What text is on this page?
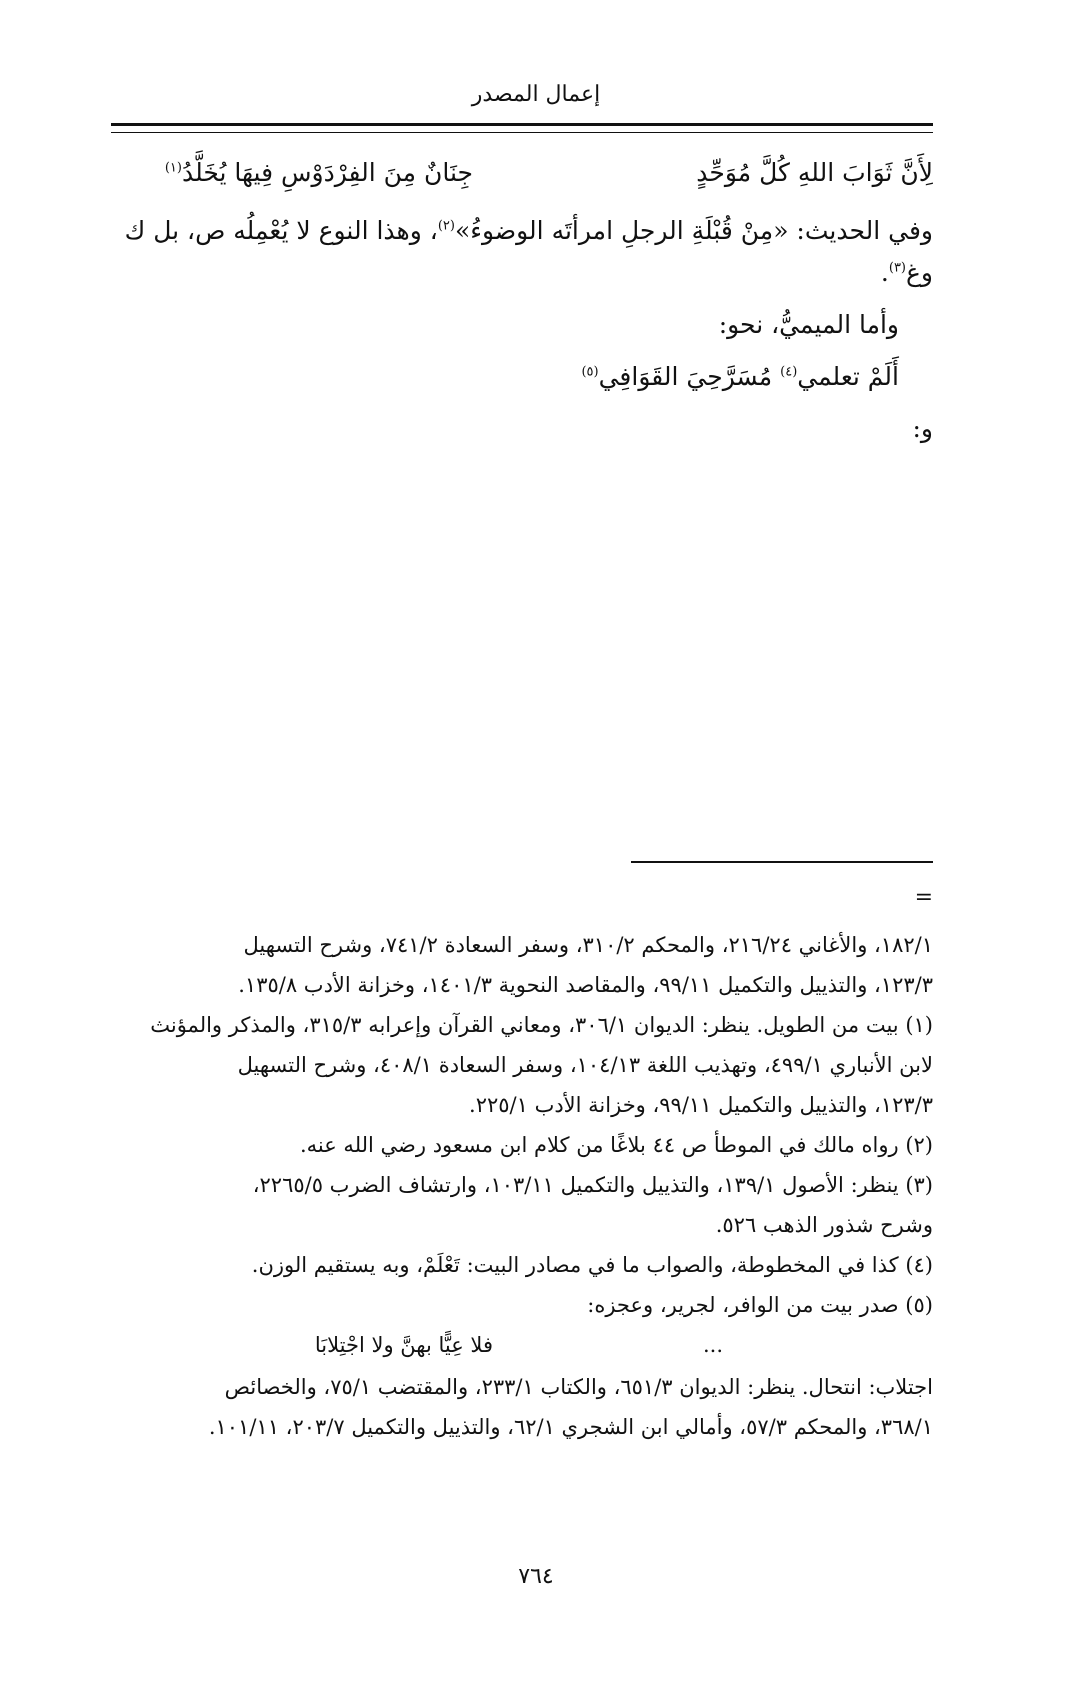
إعمال المصدر
لِأَنَّ ثَوَابَ اللهِ كُلَّ مُوَحِّدٍ
جِنَانٌ مِنَ الفِرْدَوْسِ فِيهَا يُخَلَّدُ$^{(١)}$
وفي الحديث: «مِنْ قُبْلَةِ الرجلِ امرأتَه الوضوءُ»$^{(٢)}$، وهذا النوع لا يُعْمِلُه ص، بل ك
وغ$^{(٣)}$.
وأما الميميُّ، نحو:
أَلَمْ تعلمي$^{(٤)}$ مُسَرَّحِيَ القَوَافِي$^{(٥)}$
و:
=
١٨٢/١، والأغاني ٢١٦/٢٤، والمحكم ٣١٠/٢، وسفر السعادة ٧٤١/٢، وشرح التسهيل
١٢٣/٣، والتذييل والتكميل ٩٩/١١، والمقاصد النحوية ١٤٠١/٣، وخزانة الأدب ١٣٥/٨.
(١) بيت من الطويل. ينظر: الديوان ٣٠٦/١، ومعاني القرآن وإعرابه ٣١٥/٣، والمذكر والمؤنث
لابن الأنباري ٤٩٩/١، وتهذيب اللغة ١٠٤/١٣، وسفر السعادة ٤٠٨/١، وشرح التسهيل
١٢٣/٣، والتذييل والتكميل ٩٩/١١، وخزانة الأدب ٢٢٥/١.
(٢) رواه مالك في الموطأ ص ٤٤ بلاغًا من كلام ابن مسعود رضي الله عنه.
(٣) ينظر: الأصول ١٣٩/١، والتذييل والتكميل ١٠٣/١١، وارتشاف الضرب ٢٢٦٥/٥،
وشرح شذور الذهب ٥٢٦.
(٤) كذا في المخطوطة، والصواب ما في مصادر البيت: تَعْلَمْ، وبه يستقيم الوزن.
(٥) صدر بيت من الوافر، لجرير، وعجزه:
...
فلا عِيًّا بهنَّ ولا اجْتِلابَا
اجتلاب: انتحال. ينظر: الديوان ٦٥١/٣، والكتاب ٢٣٣/١، والمقتضب ٧٥/١، والخصائص
٣٦٨/١، والمحكم ٥٧/٣، وأمالي ابن الشجري ٦٢/١، والتذييل والتكميل ٢٠٣/٧، ١٠١/١١.
٧٦٤
